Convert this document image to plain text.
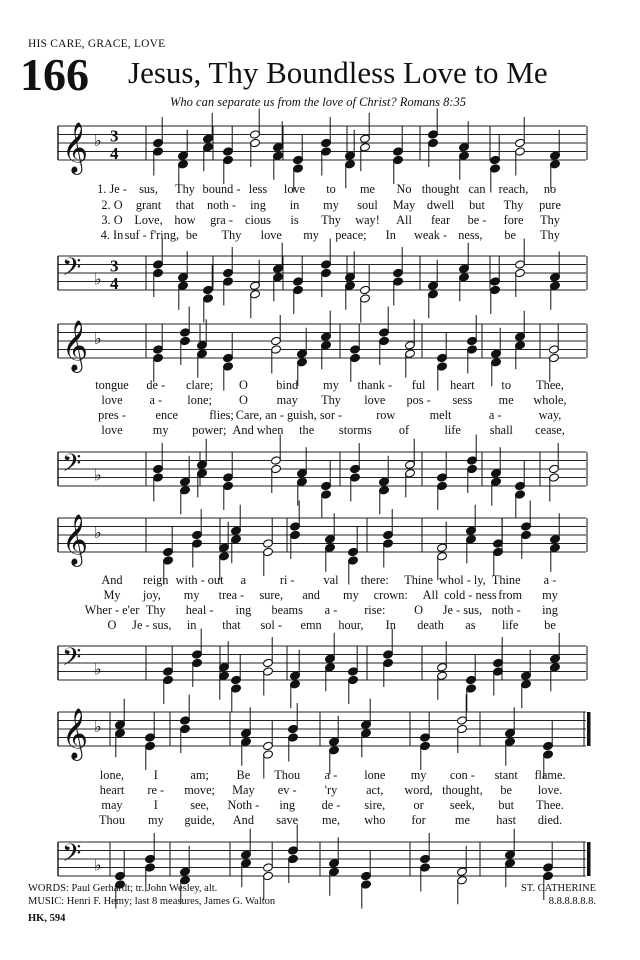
HIS CARE, GRACE, LOVE
166 Jesus, Thy Boundless Love to Me
Who can separate us from the love of Christ? Romans 8:35
𝄞 ♭ 3
4
𝄢 ♭
3
4
1. Je - sus, Thy bound - less love to me No thought can reach, no
2. O grant that noth - ing in my soul May dwell but Thy pure
3. O Love, how gra - cious is Thy way! All fear be - fore Thy
4. In suf - f'ring, be Thy love my peace; In weak - ness, be Thy
𝄞 ♭
𝄢 ♭
tongue de - clare; O bind my thank - ful heart to Thee,
love a - lone; O may Thy love pos - sess me whole,
pres - ence	flies; Care, an - guish, sor -	row	melt	a -	way,
love my power; And when the storms of	life shall cease,
𝄞 ♭
𝄢 ♭
And reign with - out a	ri - val there: Thine whol - ly, Thine a -
My joy, my trea - sure, and my crown: All cold - ness from my
Wher - e'er Thy heal - ing beams a - rise: O Je - sus, noth - ing
O Je - sus, in that sol - emn hour, In death as life be
𝄞 ♭
𝄢 ♭
lone, I	am; Be Thou a - lone my con - stant flame.
heart re - move; May ev - 'ry act, word, thought, be love.
may	I	see, Noth - ing de - sire, or seek, but Thee.
Thou my guide, And save me, who for me hast died.
WORDS: Paul Gerhardt; tr. John Wesley, alt.
MUSIC: Henri F. Hemy; last 8 measures, James G. Walton
ST. CATHERINE
8.8.8.8.8.8.
HK, 594
